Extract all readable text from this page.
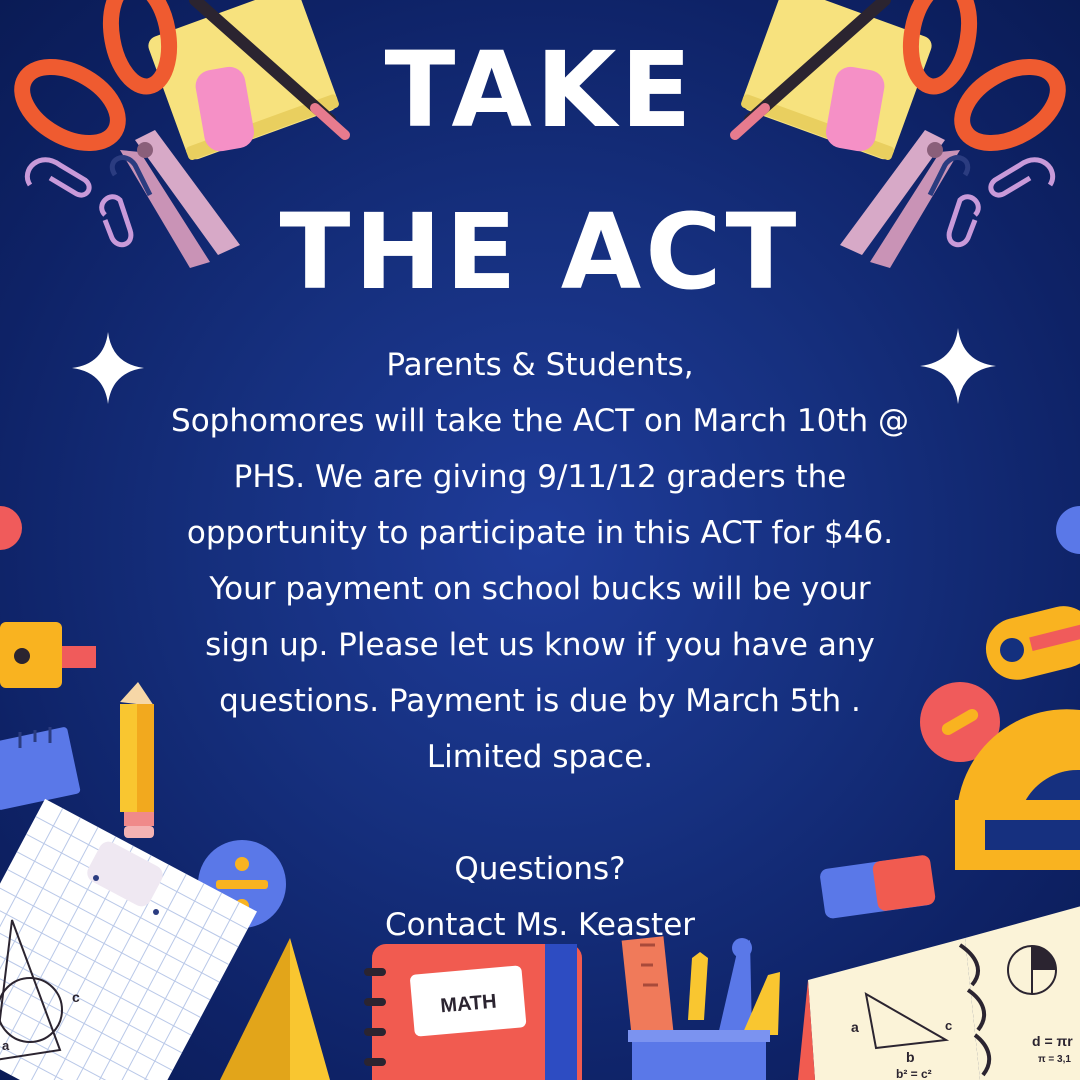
c
a
MATH
a
b
c
d = πr
π = 3,1
b² = c²
TAKE
THE ACT
Parents & Students,
Sophomores will take the ACT on March 10th @
PHS. We are giving 9/11/12 graders the
opportunity to participate in this ACT for $46.
Your payment on school bucks will be your
sign up. Please let us know if you have any
questions. Payment is due by March 5th .
Limited space.
Questions?
Contact Ms. Keaster
